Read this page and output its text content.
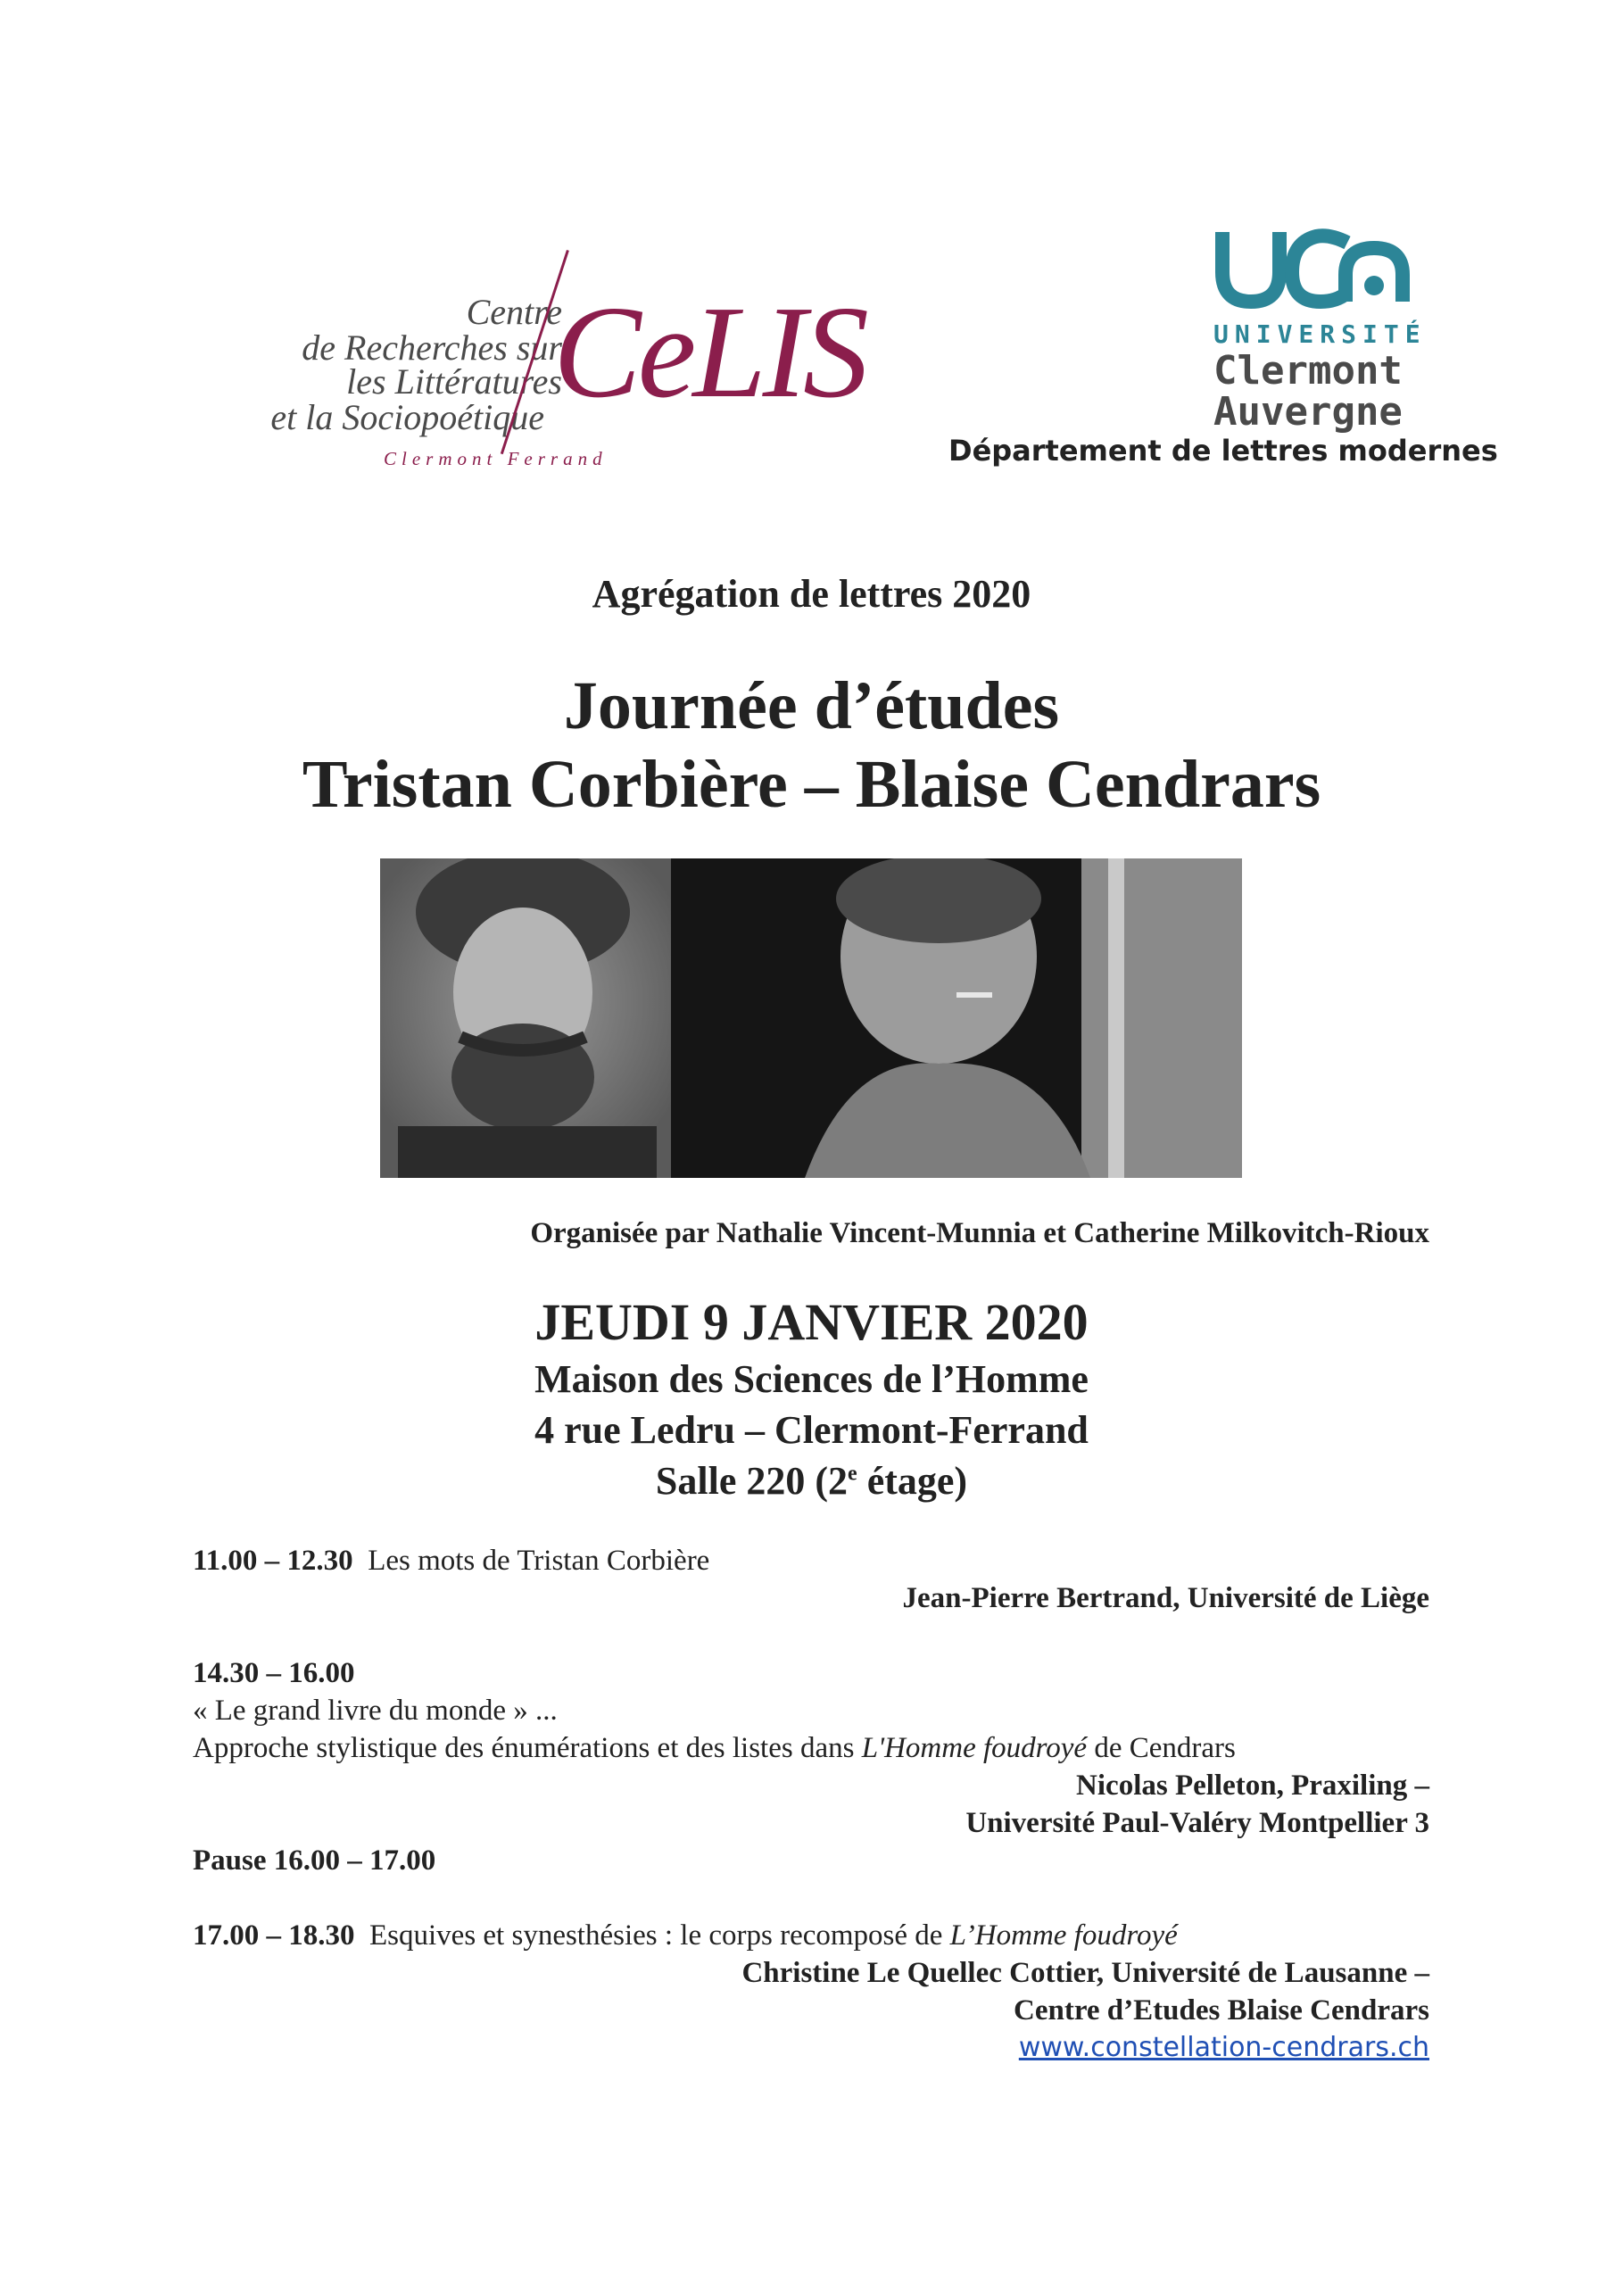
Centre
de Recherches sur
les Littératures
et la Sociopoétique CeLIS
Clermont Ferrand
UNIVERSITÉ
Clermont
Auvergne
Département de lettres modernes
Agrégation de lettres 2020
Journée d’études
Tristan Corbière – Blaise Cendrars
Organisée par Nathalie Vincent-Munnia et Catherine Milkovitch-Rioux
JEUDI 9 JANVIER 2020
Maison des Sciences de l’Homme
4 rue Ledru – Clermont-Ferrand
Salle 220 (2e étage)
11.00 – 12.30 Les mots de Tristan Corbière
Jean-Pierre Bertrand, Université de Liège
14.30 – 16.00
« Le grand livre du monde » ...
Approche stylistique des énumérations et des listes dans L'Homme foudroyé de Cendrars
Nicolas Pelleton, Praxiling –
Université Paul-Valéry Montpellier 3
Pause 16.00 – 17.00
17.00 – 18.30 Esquives et synesthésies : le corps recomposé de L’Homme foudroyé
Christine Le Quellec Cottier, Université de Lausanne –
Centre d’Etudes Blaise Cendrars
www.constellation-cendrars.ch
